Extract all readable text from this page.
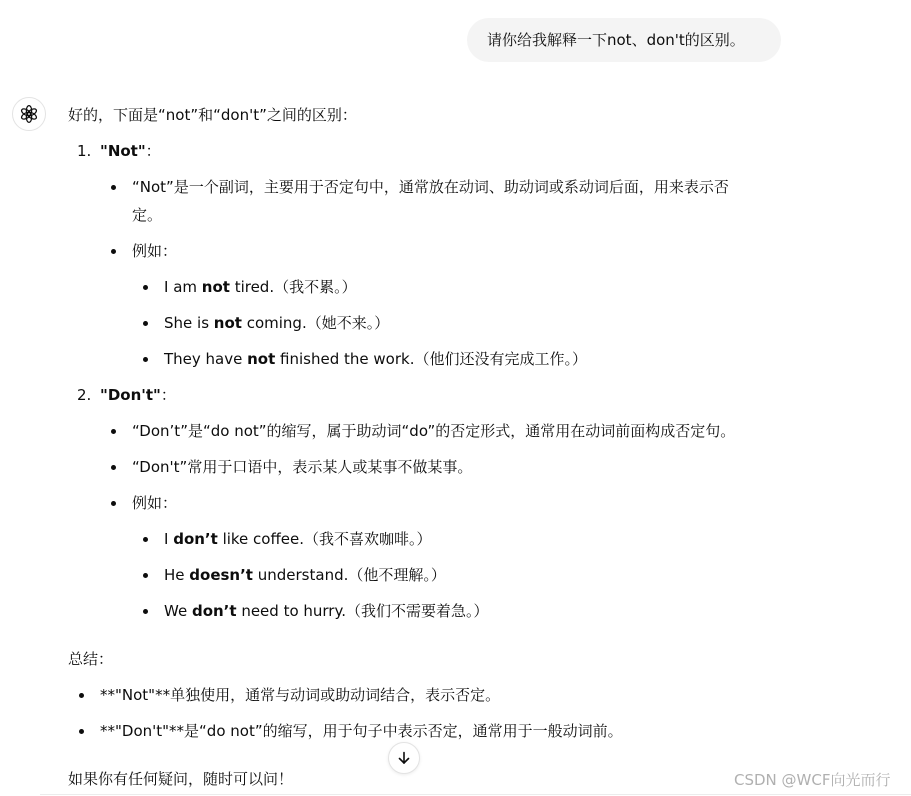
请你给我解释一下not、don't的区别。
好的，下面是“not”和“don't”之间的区别：
1. "Not"：
“Not”是一个副词，主要用于否定句中，通常放在动词、助动词或系动词后面，用来表示否
定。
例如：
I am not tired.（我不累。）
She is not coming.（她不来。）
They have not finished the work.（他们还没有完成工作。）
2. "Don't"：
“Don’t”是“do not”的缩写，属于助动词“do”的否定形式，通常用在动词前面构成否定句。
“Don't”常用于口语中，表示某人或某事不做某事。
例如：
I don’t like coffee.（我不喜欢咖啡。）
He doesn’t understand.（他不理解。）
We don’t need to hurry.（我们不需要着急。）
总结：
**"Not"**单独使用，通常与动词或助动词结合，表示否定。
**"Don't"**是“do not”的缩写，用于句子中表示否定，通常用于一般动词前。
如果你有任何疑问，随时可以问！	CSDN @WCF向光而行
